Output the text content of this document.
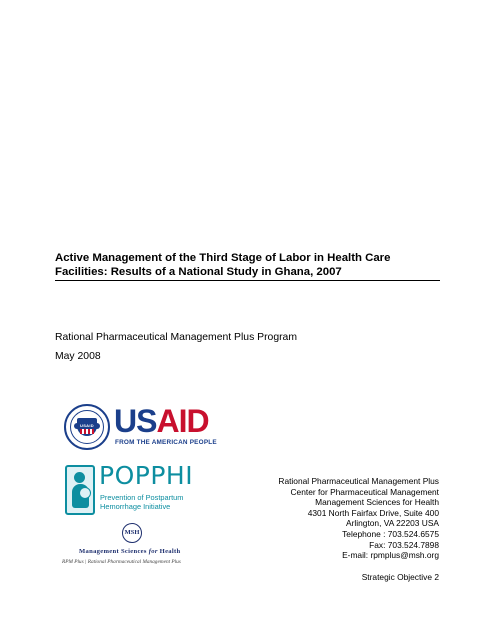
Active Management of the Third Stage of Labor in Health Care
Facilities: Results of a National Study in Ghana, 2007

Rational Pharmaceutical Management Plus Program

May 2008

USAID USAID
FROM THE AMERICAN PEOPLE
POPPHI
Prevention of Postpartum
Hemorrhage Initiative
MSH
Management Sciences for Health
RPM Plus | Rational Pharmaceutical Management Plus
Rational Pharmaceutical Management Plus
Center for Pharmaceutical Management
Management Sciences for Health
4301 North Fairfax Drive, Suite 400
Arlington, VA 22203 USA
Telephone : 703.524.6575
Fax: 703.524.7898
E-mail: rpmplus@msh.org

Strategic Objective 2
